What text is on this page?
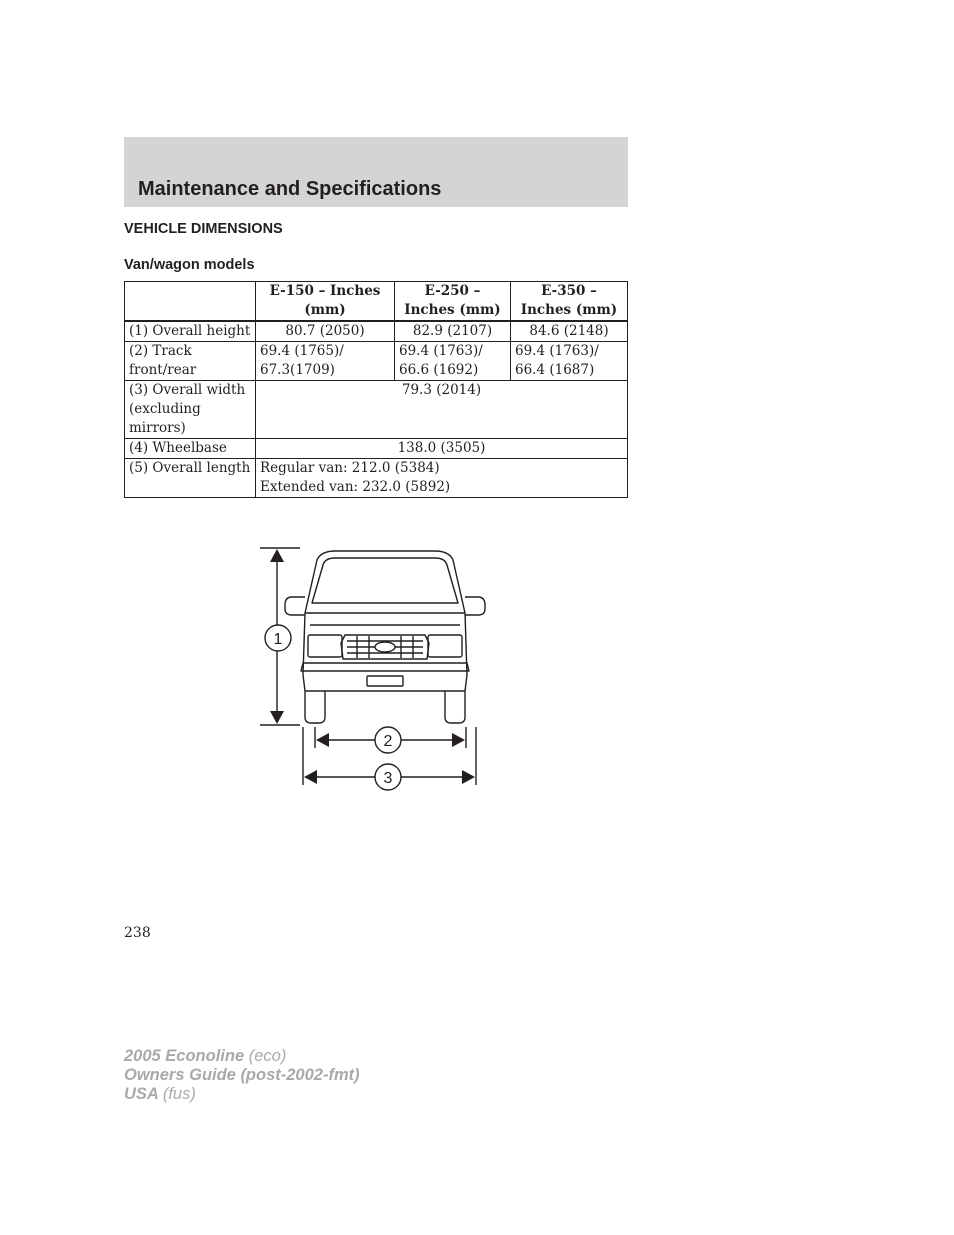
Maintenance and Specifications
VEHICLE DIMENSIONS
Van/wagon models
	E-150 – Inches (mm)	E-250 – Inches (mm)	E-350 – Inches (mm)
(1) Overall height	80.7 (2050)	82.9 (2107)	84.6 (2148)
(2) Track front/rear	69.4 (1765)/ 67.3(1709)	69.4 (1763)/ 66.6 (1692)	69.4 (1763)/ 66.4 (1687)
(3) Overall width (excluding mirrors)	79.3 (2014)		
(4) Wheelbase	138.0 (3505)		
(5) Overall length	Regular van: 212.0 (5384)
Extended van: 232.0 (5892)		
1
2
3
238
2005 Econoline (eco)
Owners Guide (post-2002-fmt)
USA (fus)
